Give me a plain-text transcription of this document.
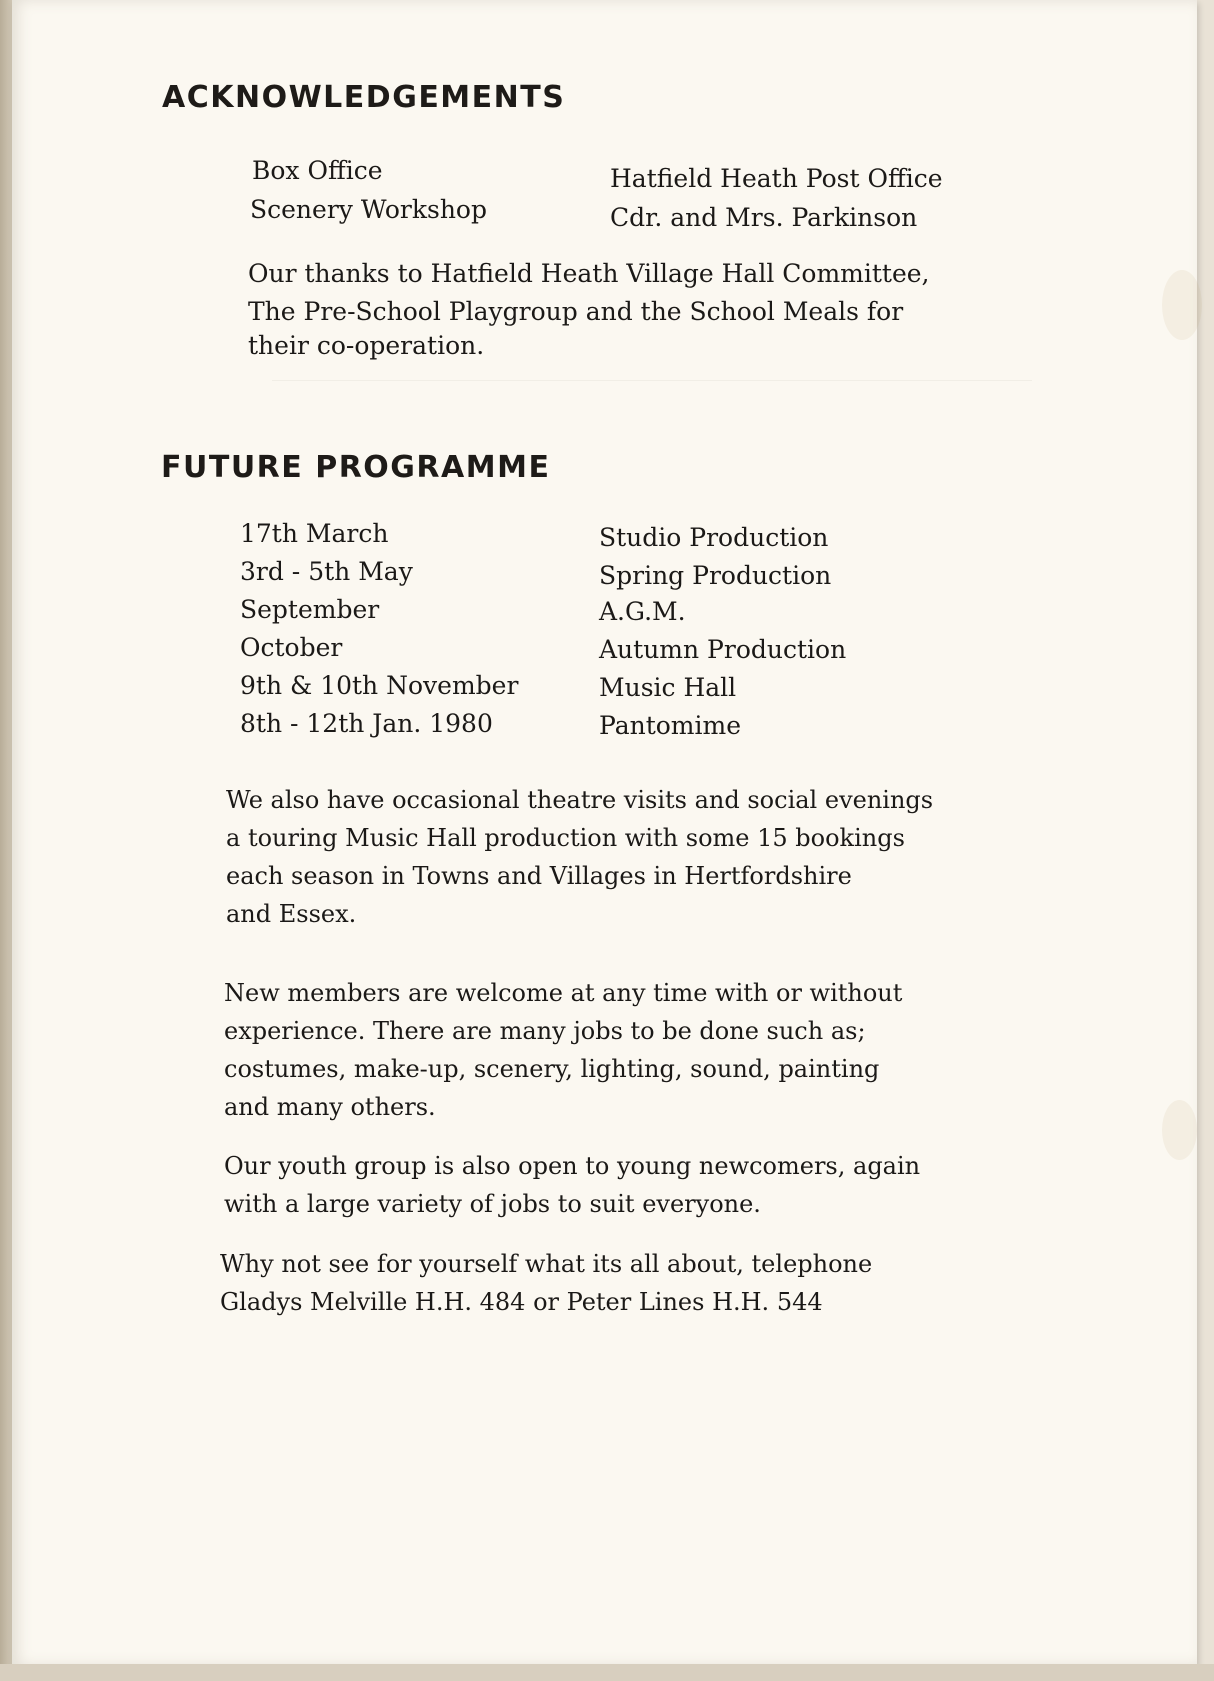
ACKNOWLEDGEMENTS
Box Office	Hatfield Heath Post Office
Scenery Workshop	Cdr. and Mrs. Parkinson
Our thanks to Hatfield Heath Village Hall Committee,
The Pre-School Playgroup and the School Meals for
their co-operation.
FUTURE PROGRAMME
17th March	Studio Production
3rd - 5th May	Spring Production
September	A.G.M.
October	Autumn Production
9th & 10th November	Music Hall
8th - 12th Jan. 1980	Pantomime
We also have occasional theatre visits and social evenings
a touring Music Hall production with some 15 bookings
each season in Towns and Villages in Hertfordshire
and Essex.
New members are welcome at any time with or without
experience. There are many jobs to be done such as;
costumes, make-up, scenery, lighting, sound, painting
and many others.
Our youth group is also open to young newcomers, again
with a large variety of jobs to suit everyone.
Why not see for yourself what its all about, telephone
Gladys Melville H.H. 484 or Peter Lines H.H. 544
